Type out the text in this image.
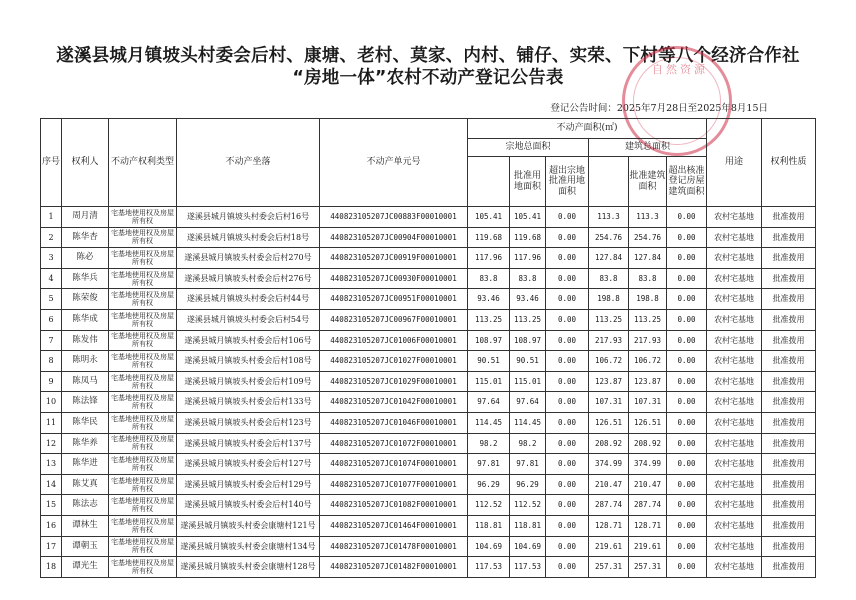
遂溪县城月镇坡头村委会后村、康塘、老村、莫家、内村、铺仔、实荣、下村等八个经济合作社
“房地一体”农村不动产登记公告表
登记公告时间：2025年7月28日至2025年8月15日
自然资源
序号	权利人	不动产权利类型	不动产坐落	不动产单元号	不动产面积(㎡)						用途	权利性质
					宗地总面积			建筑总面积				
						批准用地面积	超出宗地批准用地面积		批准建筑面积	超出核准登记房屋建筑面积		

1	周月清	宅基地使用权及房屋所有权	遂溪县城月镇坡头村委会后村16号	440823105207JC00883F00010001	105.41	105.41	0.00	113.3	113.3	0.00	农村宅基地	批准拨用
2	陈华杏	宅基地使用权及房屋所有权	遂溪县城月镇坡头村委会后村18号	440823105207JC00904F00010001	119.68	119.68	0.00	254.76	254.76	0.00	农村宅基地	批准拨用
3	陈必	宅基地使用权及房屋所有权	遂溪县城月镇坡头村委会后村270号	440823105207JC00919F00010001	117.96	117.96	0.00	127.84	127.84	0.00	农村宅基地	批准拨用
4	陈华兵	宅基地使用权及房屋所有权	遂溪县城月镇坡头村委会后村276号	440823105207JC00930F00010001	83.8	83.8	0.00	83.8	83.8	0.00	农村宅基地	批准拨用
5	陈荣俊	宅基地使用权及房屋所有权	遂溪县城月镇坡头村委会后村44号	440823105207JC00951F00010001	93.46	93.46	0.00	198.8	198.8	0.00	农村宅基地	批准拨用
6	陈华成	宅基地使用权及房屋所有权	遂溪县城月镇坡头村委会后村54号	440823105207JC00967F00010001	113.25	113.25	0.00	113.25	113.25	0.00	农村宅基地	批准拨用
7	陈发伟	宅基地使用权及房屋所有权	遂溪县城月镇坡头村委会后村106号	440823105207JC01006F00010001	108.97	108.97	0.00	217.93	217.93	0.00	农村宅基地	批准拨用
8	陈明永	宅基地使用权及房屋所有权	遂溪县城月镇坡头村委会后村108号	440823105207JC01027F00010001	90.51	90.51	0.00	106.72	106.72	0.00	农村宅基地	批准拨用
9	陈凤马	宅基地使用权及房屋所有权	遂溪县城月镇坡头村委会后村109号	440823105207JC01029F00010001	115.01	115.01	0.00	123.87	123.87	0.00	农村宅基地	批准拨用
10	陈法锋	宅基地使用权及房屋所有权	遂溪县城月镇坡头村委会后村133号	440823105207JC01042F00010001	97.64	97.64	0.00	107.31	107.31	0.00	农村宅基地	批准拨用
11	陈华民	宅基地使用权及房屋所有权	遂溪县城月镇坡头村委会后村123号	440823105207JC01046F00010001	114.45	114.45	0.00	126.51	126.51	0.00	农村宅基地	批准拨用
12	陈华养	宅基地使用权及房屋所有权	遂溪县城月镇坡头村委会后村137号	440823105207JC01072F00010001	98.2	98.2	0.00	208.92	208.92	0.00	农村宅基地	批准拨用
13	陈华进	宅基地使用权及房屋所有权	遂溪县城月镇坡头村委会后村127号	440823105207JC01074F00010001	97.81	97.81	0.00	374.99	374.99	0.00	农村宅基地	批准拨用
14	陈艾真	宅基地使用权及房屋所有权	遂溪县城月镇坡头村委会后村129号	440823105207JC01077F00010001	96.29	96.29	0.00	210.47	210.47	0.00	农村宅基地	批准拨用
15	陈法志	宅基地使用权及房屋所有权	遂溪县城月镇坡头村委会后村140号	440823105207JC01082F00010001	112.52	112.52	0.00	287.74	287.74	0.00	农村宅基地	批准拨用
16	谭林生	宅基地使用权及房屋所有权	遂溪县城月镇坡头村委会康塘村121号	440823105207JC01464F00010001	118.81	118.81	0.00	128.71	128.71	0.00	农村宅基地	批准拨用
17	谭朝玉	宅基地使用权及房屋所有权	遂溪县城月镇坡头村委会康塘村134号	440823105207JC01478F00010001	104.69	104.69	0.00	219.61	219.61	0.00	农村宅基地	批准拨用
18	谭光生	宅基地使用权及房屋所有权	遂溪县城月镇坡头村委会康塘村128号	440823105207JC01482F00010001	117.53	117.53	0.00	257.31	257.31	0.00	农村宅基地	批准拨用
